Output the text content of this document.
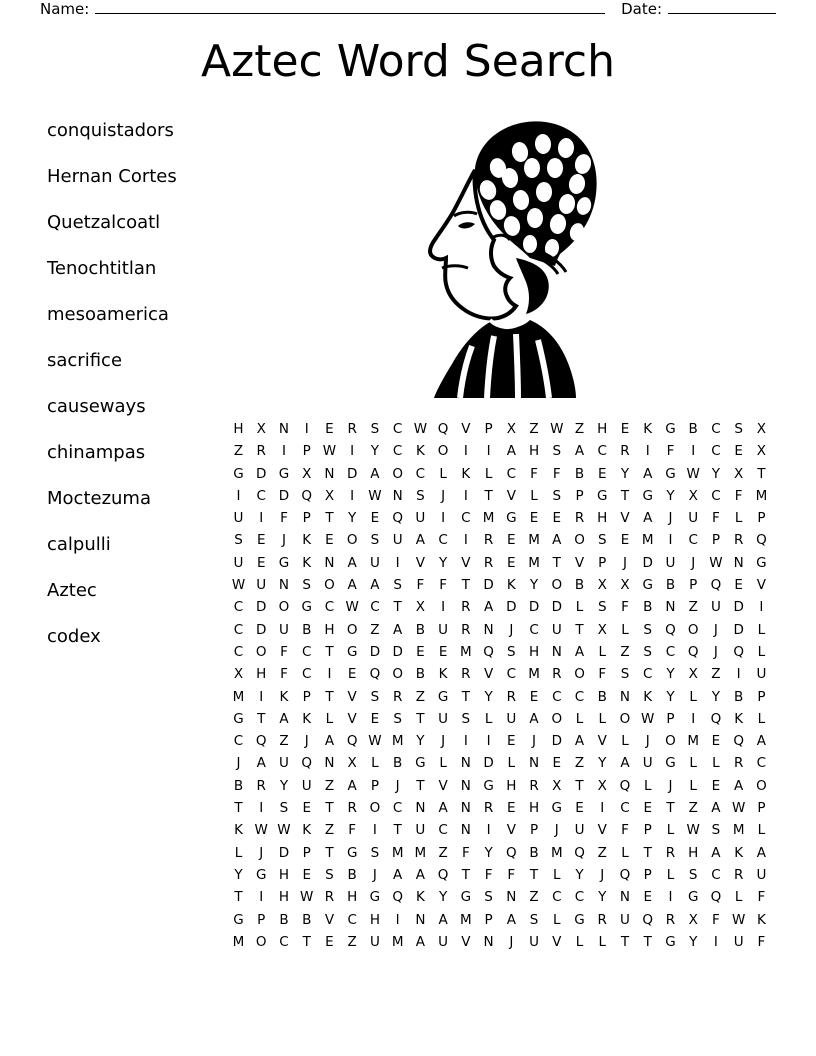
Name:	Date:
Aztec Word Search
conquistadors
Hernan Cortes
Quetzalcoatl
Tenochtitlan
mesoamerica
sacrifice
causeways
chinampas
Moctezuma
calpulli
Aztec
codex
H X N	I	E	R	S	C W Q V	P	X Z W Z H E	K G B C	S	X
Z R	I	P W	I	Y	C	K O	I	I	A H S	A C R	I	F	I	C	E	X
G D G X N D A O C	L	K	L	C	F	F	B	E	Y	A G W Y	X	T
I	C D Q X	I	W N S	J	I	T	V	L	S	P G T G Y	X C	F M
U	I	F	P	T	Y	E Q U	I	C M G E	E	R H V A	J	U	F	L	P
S	E	J	K	E O S	U A C	I	R	E M A O S	E M	I	C	P	R Q
U	E G K N A U	I	V	Y	V R	E M T	V	P	J	D U	J	W N G
W U N S O A A	S	F	F	T D K	Y O B X X G B	P Q E	V
C D O G C W C	T	X	I	R A D D D	L	S	F	B N Z U D	I
C D U B H O Z A B U R N	J	C U	T	X	L	S Q O	J	D	L
C O	F	C	T G D D E	E M Q S H N A	L	Z	S	C Q	J	Q	L
X H	F	C	I	E Q O B	K	R V C M R O	F	S	C	Y	X Z	I	U
M	I	K	P	T	V	S	R Z G T	Y	R	E	C C B N K	Y	L	Y	B	P
G T	A	K	L	V	E	S	T	U	S	L	U A O	L	L	O W P	I	Q K	L
C Q Z	J	A Q W M Y	J	I	I	E	J	D A V	L	J	O M E Q A
J	A U Q N X	L	B G	L	N D	L	N E	Z	Y	A U G	L	L	R C
B R	Y	U Z A	P	J	T	V N G H R X	T	X Q	L	J	L	E	A O
T	I	S	E	T	R O C N A N R	E H G E	I	C	E	T	Z A W P
K W W K	Z	F	I	T	U C N	I	V	P	J	U V	F	P	L W S M L
L	J	D P	T G S M M Z	F	Y Q B M Q Z	L	T	R H A	K	A
Y G H E	S	B	J	A A Q T	F	F	T	L	Y	J	Q P	L	S	C R U
T	I	H W R H G Q K	Y G S N Z C C	Y	N E	I	G Q	L	F
G P	B B V C H	I	N A M P	A	S	L	G R U Q R X	F W K
M O C	T	E	Z U M A U V N	J	U V	L	L	T	T G Y	I	U	F
